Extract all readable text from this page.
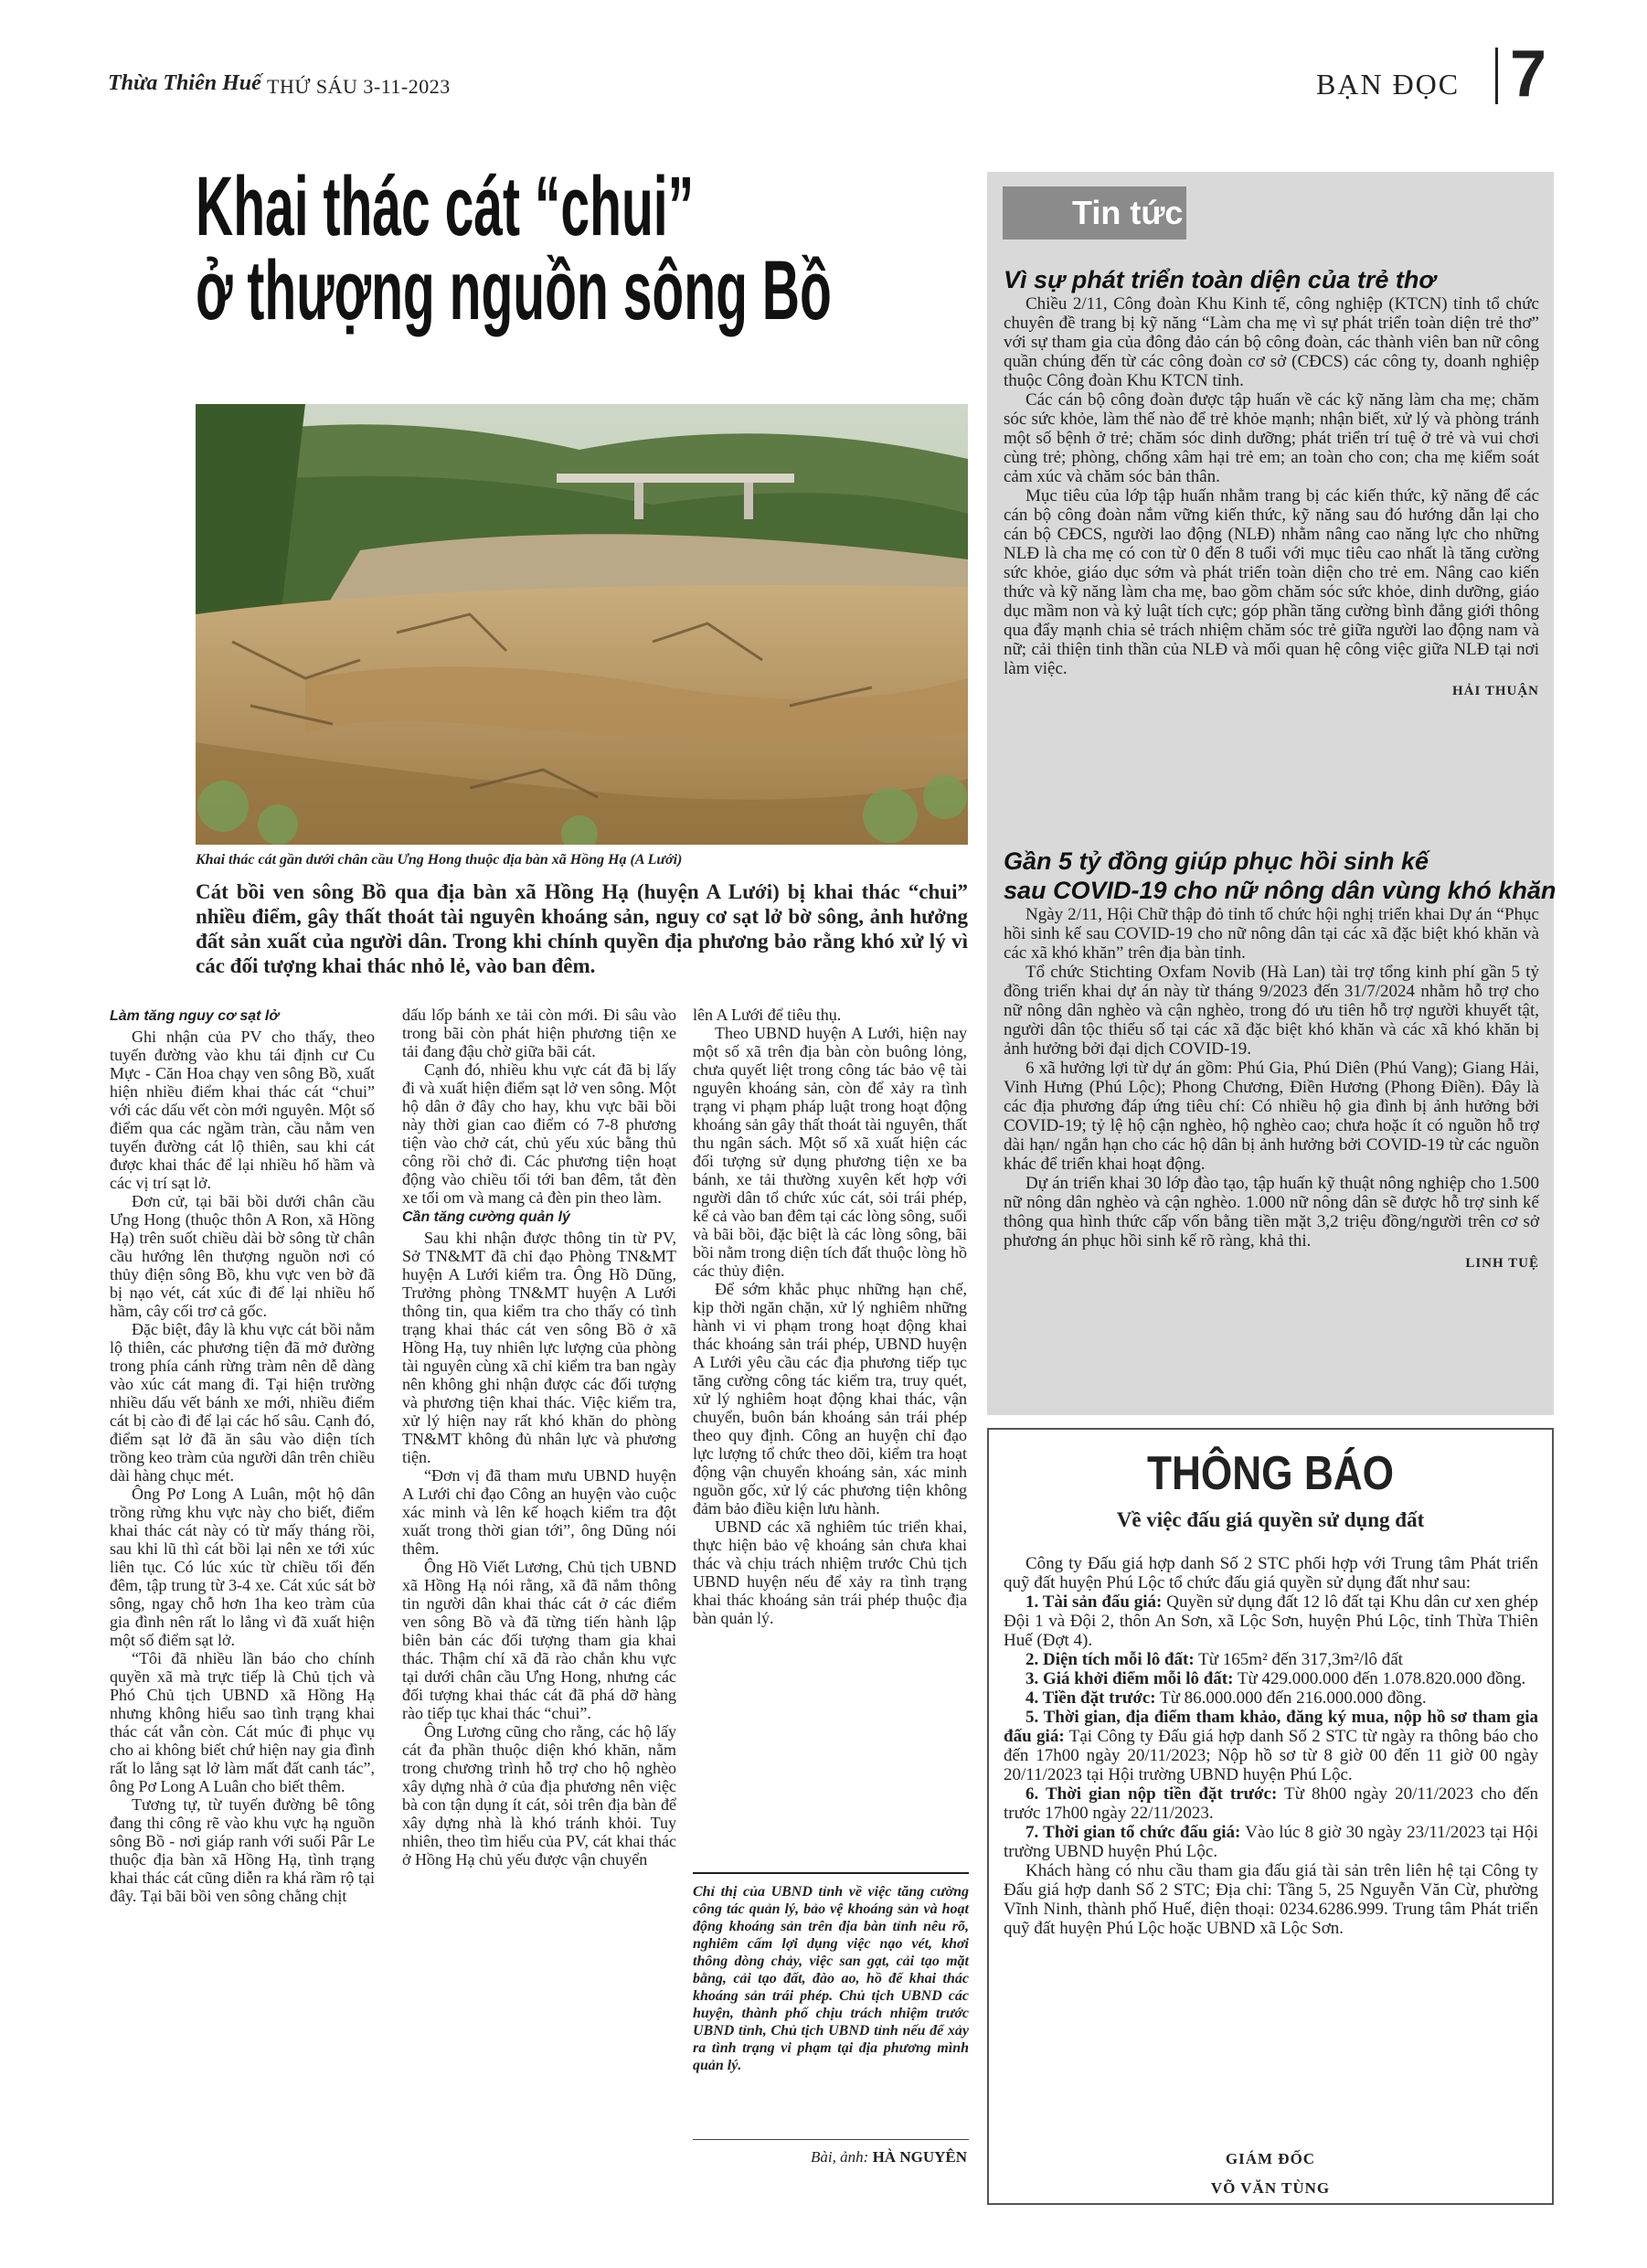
Thừa Thiên Huế THỨ SÁU 3-11-2023	BẠN ĐỌC 7
Khai thác cát “chui”
ở thượng nguồn sông Bồ
Khai thác cát gần dưới chân cầu Ưng Hong thuộc địa bàn xã Hồng Hạ (A Lưới)
Cát bồi ven sông Bồ qua địa bàn xã Hồng Hạ (huyện A Lưới) bị khai thác “chui” nhiều điểm, gây thất thoát tài nguyên khoáng sản, nguy cơ sạt lở bờ sông, ảnh hưởng đất sản xuất của người dân. Trong khi chính quyền địa phương bảo rằng khó xử lý vì các đối tượng khai thác nhỏ lẻ, vào ban đêm.
Làm tăng nguy cơ sạt lở

Ghi nhận của PV cho thấy, theo tuyến đường vào khu tái định cư Cu Mực - Căn Hoa chạy ven sông Bồ, xuất hiện nhiều điểm khai thác cát “chui” với các dấu vết còn mới nguyên. Một số điểm qua các ngầm tràn, cầu nằm ven tuyến đường cát lộ thiên, sau khi cát được khai thác để lại nhiều hố hầm và các vị trí sạt lở.

Đơn cử, tại bãi bồi dưới chân cầu Ưng Hong (thuộc thôn A Ron, xã Hồng Hạ) trên suốt chiều dài bờ sông từ chân cầu hướng lên thượng nguồn nơi có thủy điện sông Bồ, khu vực ven bờ đã bị nạo vét, cát xúc đi để lại nhiều hố hầm, cây cối trơ cả gốc.

Đặc biệt, đây là khu vực cát bồi nằm lộ thiên, các phương tiện đã mở đường trong phía cánh rừng tràm nên dễ dàng vào xúc cát mang đi. Tại hiện trường nhiều dấu vết bánh xe mới, nhiều điểm cát bị cào đi để lại các hố sâu. Cạnh đó, điểm sạt lở đã ăn sâu vào diện tích trồng keo tràm của người dân trên chiều dài hàng chục mét.

Ông Pơ Long A Luân, một hộ dân trồng rừng khu vực này cho biết, điểm khai thác cát này có từ mấy tháng rồi, sau khi lũ thì cát bồi lại nên xe tới xúc liên tục. Có lúc xúc từ chiều tối đến đêm, tập trung từ 3-4 xe. Cát xúc sát bờ sông, ngay chỗ hơn 1ha keo tràm của gia đình nên rất lo lắng vì đã xuất hiện một số điểm sạt lở.

“Tôi đã nhiều lần báo cho chính quyền xã mà trực tiếp là Chủ tịch và Phó Chủ tịch UBND xã Hồng Hạ nhưng không hiểu sao tình trạng khai thác cát vẫn còn. Cát múc đi phục vụ cho ai không biết chứ hiện nay gia đình rất lo lắng sạt lở làm mất đất canh tác”, ông Pơ Long A Luân cho biết thêm.

Tương tự, từ tuyến đường bê tông đang thi công rẽ vào khu vực hạ nguồn sông Bồ - nơi giáp ranh với suối Pâr Le thuộc địa bàn xã Hồng Hạ, tình trạng khai thác cát cũng diễn ra khá rầm rộ tại đây. Tại bãi bồi ven sông chằng chịt

dấu lốp bánh xe tải còn mới. Đi sâu vào trong bãi còn phát hiện phương tiện xe tải đang đậu chờ giữa bãi cát.

Cạnh đó, nhiều khu vực cát đã bị lấy đi và xuất hiện điểm sạt lở ven sông. Một hộ dân ở đây cho hay, khu vực bãi bồi này thời gian cao điểm có 7-8 phương tiện vào chở cát, chủ yếu xúc bằng thủ công rồi chở đi. Các phương tiện hoạt động vào chiều tối tới ban đêm, tắt đèn xe tối om và mang cả đèn pin theo làm.

Cần tăng cường quản lý

Sau khi nhận được thông tin từ PV, Sở TN&MT đã chỉ đạo Phòng TN&MT huyện A Lưới kiểm tra. Ông Hồ Dũng, Trưởng phòng TN&MT huyện A Lưới thông tin, qua kiểm tra cho thấy có tình trạng khai thác cát ven sông Bồ ở xã Hồng Hạ, tuy nhiên lực lượng của phòng tài nguyên cùng xã chỉ kiểm tra ban ngày nên không ghi nhận được các đối tượng và phương tiện khai thác. Việc kiểm tra, xử lý hiện nay rất khó khăn do phòng TN&MT không đủ nhân lực và phương tiện.

“Đơn vị đã tham mưu UBND huyện A Lưới chỉ đạo Công an huyện vào cuộc xác minh và lên kế hoạch kiểm tra đột xuất trong thời gian tới”, ông Dũng nói thêm.

Ông Hồ Viết Lương, Chủ tịch UBND xã Hồng Hạ nói rằng, xã đã nắm thông tin người dân khai thác cát ở các điểm ven sông Bồ và đã từng tiến hành lập biên bản các đối tượng tham gia khai thác. Thậm chí xã đã rào chắn khu vực tại dưới chân cầu Ưng Hong, nhưng các đối tượng khai thác cát đã phá dỡ hàng rào tiếp tục khai thác “chui”.

Ông Lương cũng cho rằng, các hộ lấy cát đa phần thuộc diện khó khăn, nằm trong chương trình hỗ trợ cho hộ nghèo xây dựng nhà ở của địa phương nên việc bà con tận dụng ít cát, sỏi trên địa bàn để xây dựng nhà là khó tránh khỏi. Tuy nhiên, theo tìm hiểu của PV, cát khai thác ở Hồng Hạ chủ yếu được vận chuyển

lên A Lưới để tiêu thụ.

Theo UBND huyện A Lưới, hiện nay một số xã trên địa bàn còn buông lỏng, chưa quyết liệt trong công tác bảo vệ tài nguyên khoáng sản, còn để xảy ra tình trạng vi phạm pháp luật trong hoạt động khoáng sản gây thất thoát tài nguyên, thất thu ngân sách. Một số xã xuất hiện các đối tượng sử dụng phương tiện xe ba bánh, xe tải thường xuyên kết hợp với người dân tổ chức xúc cát, sỏi trái phép, kể cả vào ban đêm tại các lòng sông, suối và bãi bồi, đặc biệt là các lòng sông, bãi bồi nằm trong diện tích đất thuộc lòng hồ các thủy điện.

Để sớm khắc phục những hạn chế, kịp thời ngăn chặn, xử lý nghiêm những hành vi vi phạm trong hoạt động khai thác khoáng sản trái phép, UBND huyện A Lưới yêu cầu các địa phương tiếp tục tăng cường công tác kiểm tra, truy quét, xử lý nghiêm hoạt động khai thác, vận chuyển, buôn bán khoáng sản trái phép theo quy định. Công an huyện chỉ đạo lực lượng tổ chức theo dõi, kiểm tra hoạt động vận chuyển khoáng sản, xác minh nguồn gốc, xử lý các phương tiện không đảm bảo điều kiện lưu hành.

UBND các xã nghiêm túc triển khai, thực hiện bảo vệ khoáng sản chưa khai thác và chịu trách nhiệm trước Chủ tịch UBND huyện nếu để xảy ra tình trạng khai thác khoáng sản trái phép thuộc địa bàn quản lý.

Chỉ thị của UBND tỉnh về việc tăng cường công tác quản lý, bảo vệ khoáng sản và hoạt động khoáng sản trên địa bàn tỉnh nêu rõ, nghiêm cấm lợi dụng việc nạo vét, khơi thông dòng chảy, việc san gạt, cải tạo mặt bằng, cải tạo đất, đào ao, hồ để khai thác khoáng sản trái phép. Chủ tịch UBND các huyện, thành phố chịu trách nhiệm trước UBND tỉnh, Chủ tịch UBND tỉnh nếu để xảy ra tình trạng vi phạm tại địa phương mình quản lý.
Bài, ảnh: HÀ NGUYÊN
Tin tức
Vì sự phát triển toàn diện của trẻ thơ

Chiều 2/11, Công đoàn Khu Kinh tế, công nghiệp (KTCN) tỉnh tổ chức chuyên đề trang bị kỹ năng “Làm cha mẹ vì sự phát triển toàn diện trẻ thơ” với sự tham gia của đông đảo cán bộ công đoàn, các thành viên ban nữ công quần chúng đến từ các công đoàn cơ sở (CĐCS) các công ty, doanh nghiệp thuộc Công đoàn Khu KTCN tỉnh.

Các cán bộ công đoàn được tập huấn về các kỹ năng làm cha mẹ; chăm sóc sức khỏe, làm thế nào để trẻ khỏe mạnh; nhận biết, xử lý và phòng tránh một số bệnh ở trẻ; chăm sóc dinh dưỡng; phát triển trí tuệ ở trẻ và vui chơi cùng trẻ; phòng, chống xâm hại trẻ em; an toàn cho con; cha mẹ kiểm soát cảm xúc và chăm sóc bản thân.

Mục tiêu của lớp tập huấn nhằm trang bị các kiến thức, kỹ năng để các cán bộ công đoàn nắm vững kiến thức, kỹ năng sau đó hướng dẫn lại cho cán bộ CĐCS, người lao động (NLĐ) nhằm nâng cao năng lực cho những NLĐ là cha mẹ có con từ 0 đến 8 tuổi với mục tiêu cao nhất là tăng cường sức khỏe, giáo dục sớm và phát triển toàn diện cho trẻ em. Nâng cao kiến thức và kỹ năng làm cha mẹ, bao gồm chăm sóc sức khỏe, dinh dưỡng, giáo dục mầm non và kỷ luật tích cực; góp phần tăng cường bình đẳng giới thông qua đẩy mạnh chia sẻ trách nhiệm chăm sóc trẻ giữa người lao động nam và nữ; cải thiện tinh thần của NLĐ và mối quan hệ công việc giữa NLĐ tại nơi làm việc.

HẢI THUẬN
Gần 5 tỷ đồng giúp phục hồi sinh kế
sau COVID-19 cho nữ nông dân vùng khó khăn

Ngày 2/11, Hội Chữ thập đỏ tỉnh tổ chức hội nghị triển khai Dự án “Phục hồi sinh kế sau COVID-19 cho nữ nông dân tại các xã đặc biệt khó khăn và các xã khó khăn” trên địa bàn tỉnh.

Tổ chức Stichting Oxfam Novib (Hà Lan) tài trợ tổng kinh phí gần 5 tỷ đồng triển khai dự án này từ tháng 9/2023 đến 31/7/2024 nhằm hỗ trợ cho nữ nông dân nghèo và cận nghèo, trong đó ưu tiên hỗ trợ người khuyết tật, người dân tộc thiểu số tại các xã đặc biệt khó khăn và các xã khó khăn bị ảnh hưởng bởi đại dịch COVID-19.

6 xã hưởng lợi từ dự án gồm: Phú Gia, Phú Diên (Phú Vang); Giang Hải, Vinh Hưng (Phú Lộc); Phong Chương, Điền Hương (Phong Điền). Đây là các địa phương đáp ứng tiêu chí: Có nhiều hộ gia đình bị ảnh hưởng bởi COVID-19; tỷ lệ hộ cận nghèo, hộ nghèo cao; chưa hoặc ít có nguồn hỗ trợ dài hạn/ ngắn hạn cho các hộ dân bị ảnh hưởng bởi COVID-19 từ các nguồn khác để triển khai hoạt động.

Dự án triển khai 30 lớp đào tạo, tập huấn kỹ thuật nông nghiệp cho 1.500 nữ nông dân nghèo và cận nghèo. 1.000 nữ nông dân sẽ được hỗ trợ sinh kế thông qua hình thức cấp vốn bằng tiền mặt 3,2 triệu đồng/người trên cơ sở phương án phục hồi sinh kế rõ ràng, khả thi.

LINH TUỆ
THÔNG BÁO
Về việc đấu giá quyền sử dụng đất

Công ty Đấu giá hợp danh Số 2 STC phối hợp với Trung tâm Phát triển quỹ đất huyện Phú Lộc tổ chức đấu giá quyền sử dụng đất như sau:

1. Tài sản đấu giá: Quyền sử dụng đất 12 lô đất tại Khu dân cư xen ghép Đội 1 và Đội 2, thôn An Sơn, xã Lộc Sơn, huyện Phú Lộc, tỉnh Thừa Thiên Huế (Đợt 4).

2. Diện tích mỗi lô đất: Từ 165m² đến 317,3m²/lô đất

3. Giá khởi điểm mỗi lô đất: Từ 429.000.000 đến 1.078.820.000 đồng.

4. Tiền đặt trước: Từ 86.000.000 đến 216.000.000 đồng.

5. Thời gian, địa điểm tham khảo, đăng ký mua, nộp hồ sơ tham gia đấu giá: Tại Công ty Đấu giá hợp danh Số 2 STC từ ngày ra thông báo cho đến 17h00 ngày 20/11/2023; Nộp hồ sơ từ 8 giờ 00 đến 11 giờ 00 ngày 20/11/2023 tại Hội trường UBND huyện Phú Lộc.

6. Thời gian nộp tiền đặt trước: Từ 8h00 ngày 20/11/2023 cho đến trước 17h00 ngày 22/11/2023.

7. Thời gian tổ chức đấu giá: Vào lúc 8 giờ 30 ngày 23/11/2023 tại Hội trường UBND huyện Phú Lộc.

Khách hàng có nhu cầu tham gia đấu giá tài sản trên liên hệ tại Công ty Đấu giá hợp danh Số 2 STC; Địa chỉ: Tầng 5, 25 Nguyễn Văn Cừ, phường Vĩnh Ninh, thành phố Huế, điện thoại: 0234.6286.999. Trung tâm Phát triển quỹ đất huyện Phú Lộc hoặc UBND xã Lộc Sơn.

GIÁM ĐỐC
VÕ VĂN TÙNG
